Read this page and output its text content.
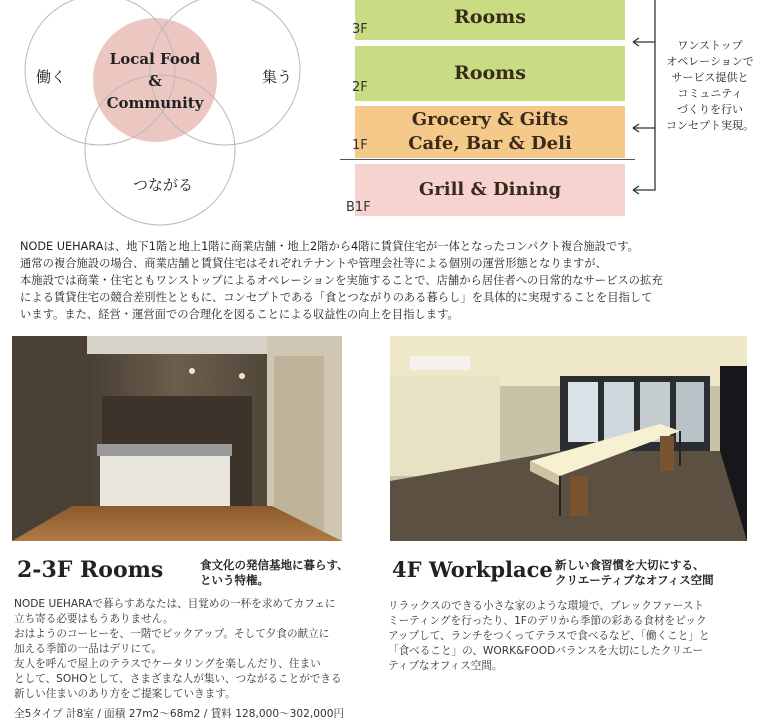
Local Food
&
Community
働く	集う
つながる
Rooms
Rooms
Grocery & Gifts
Cafe, Bar & Deli
Grill & Dining
3F
2F
1F
B1F
ワンストップ
オペレーションで
サービス提供と
コミュニティ
づくりを行い
コンセプト実現。
NODE UEHARAは、地下1階と地上1階に商業店舗・地上2階から4階に賃貸住宅が一体となったコンパクト複合施設です。
通常の複合施設の場合、商業店舗と賃貸住宅はそれぞれテナントや管理会社等による個別の運営形態となりますが、
本施設では商業・住宅ともワンストップによるオペレーションを実施することで、店舗から居住者への日常的なサービスの拡充
による賃貸住宅の競合差別性とともに、コンセプトである「食とつながりのある暮らし」を具体的に実現することを目指して
います。また、経営・運営面での合理化を図ることによる収益性の向上を目指します。
2-3F Rooms	食文化の発信基地に暮らす、
という特権。
NODE UEHARAで暮らすあなたは、目覚めの一杯を求めてカフェに
立ち寄る必要はもうありません。
おはようのコーヒーを、一階でピックアップ。そして夕食の献立に
加える季節の一品はデリにて。
友人を呼んで屋上のテラスでケータリングを楽しんだり、住まい
として、SOHOとして、さまざまな人が集い、つながることができる
新しい住まいのあり方をご提案していきます。
全5タイプ 計8室 / 面積 27m2〜68m2 / 賃料 128,000〜302,000円
4F Workplace 新しい食習慣を大切にする、
クリエーティブなオフィス空間
リラックスのできる小さな家のような環境で、ブレックファースト
ミーティングを行ったり、1Fのデリから季節の彩ある食材をピック
アップして、ランチをつくってテラスで食べるなど、「働くこと」と
「食べること」の、WORK&FOODバランスを大切にしたクリエー
ティブなオフィス空間。
